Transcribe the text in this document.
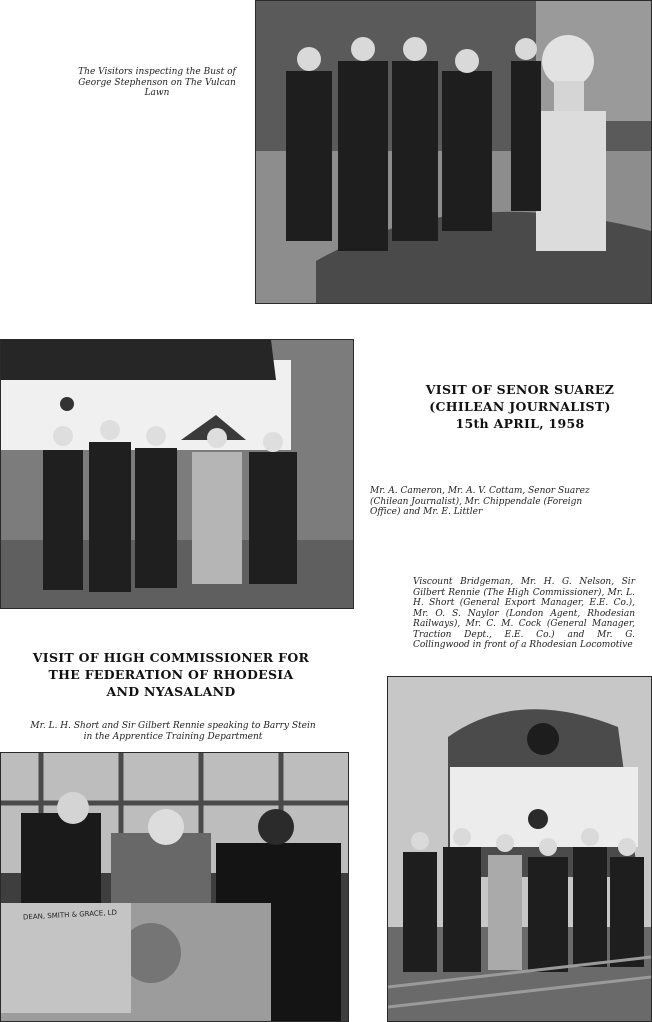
The Visitors inspecting the Bust of George Stephenson on The Vulcan Lawn
VISIT OF SENOR SUAREZ
(CHILEAN JOURNALIST)
15th APRIL, 1958
Mr. A. Cameron, Mr. A. V. Cottam, Senor Suarez (Chilean Journalist), Mr. Chippendale (Foreign Office) and Mr. E. Littler
Viscount Bridgeman, Mr. H. G. Nelson, Sir Gilbert Rennie (The High Commissioner), Mr. L. H. Short (General Export Manager, E.E. Co.), Mr. O. S. Naylor (London Agent, Rhodesian Railways), Mr. C. M. Cock (General Manager, Traction Dept., E.E. Co.) and Mr. G. Collingwood in front of a Rhodesian Locomotive
VISIT OF HIGH COMMISSIONER FOR
THE FEDERATION OF RHODESIA
AND NYASALAND
Mr. L. H. Short and Sir Gilbert Rennie speaking to Barry Stein in the Apprentice Training Department
DEAN, SMITH & GRACE, LD
